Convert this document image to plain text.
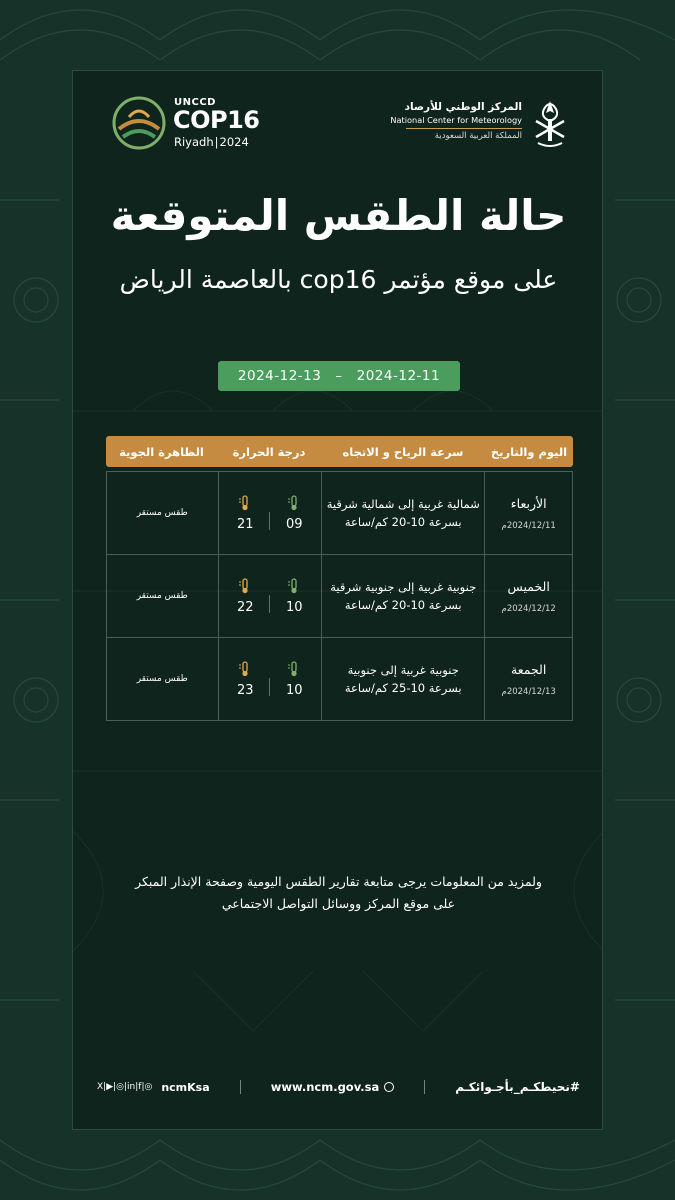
UNCCD
COP16
Riyadh|2024
المركز الوطني للأرصاد
National Center for Meteorology
المملكة العربية السعودية
حالة الطقس المتوقعة
على موقع مؤتمر cop16 بالعاصمة الرياض
2024-12-13 – 2024-12-11
اليوم والتاريخ
سرعة الرياح و الاتجاه
درجة الحرارة
الظاهرة الجوية
الأربعاء
2024/12/11م
شمالية غربية إلى شمالية شرقية
بسرعة 10-20 كم/ساعة
09
21
طقس مستقر
الخميس
2024/12/12م
جنوبية غربية إلى جنوبية شرقية
بسرعة 10-20 كم/ساعة
10
22
طقس مستقر
الجمعة
2024/12/13م
جنوبية غربية إلى جنوبية
بسرعة 10-25 كم/ساعة
10
23
طقس مستقر
ولمزيد من المعلومات يرجى متابعة تقارير الطقس اليومية وصفحة الإنذار المبكر
على موقع المركز ووسائل التواصل الاجتماعي
X|▶|◎|in|f|◎ ncmKsa	www.ncm.gov.sa	#نحيطكـم_بأجـوائكـم
